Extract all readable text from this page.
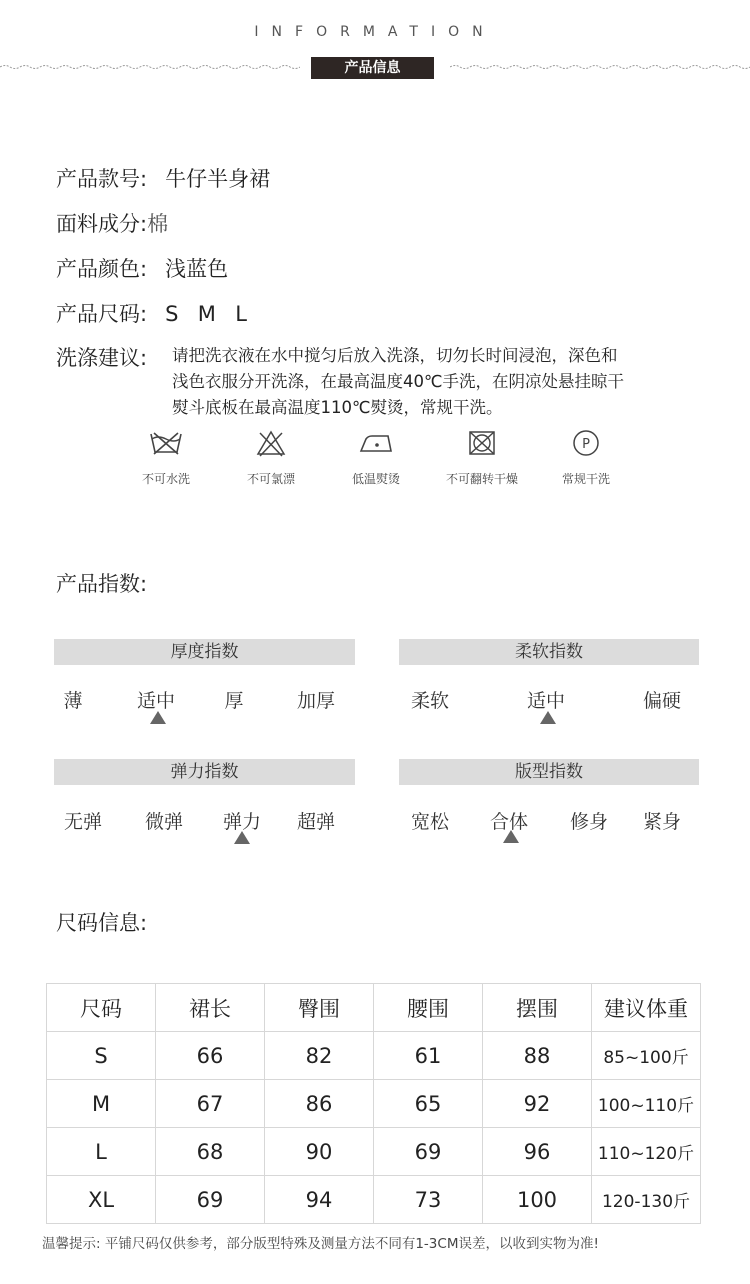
INFORMATION
产品信息
产品款号: 牛仔半身裙
面料成分:棉
产品颜色: 浅蓝色
产品尺码: S  M  L
洗涤建议: 请把洗衣液在水中搅匀后放入洗涤，切勿长时间浸泡，深色和
浅色衣服分开洗涤，在最高温度40℃手洗，在阴凉处悬挂晾干
熨斗底板在最高温度110℃熨烫，常规干洗。
不可水洗	不可氯漂	低温熨烫	不可翻转干燥
P
常规干洗
产品指数:
厚度指数
薄	适中	厚	加厚
柔软指数
柔软	适中	偏硬
弹力指数
无弹	微弹	弹力	超弹
版型指数
宽松	合体	修身	紧身
尺码信息:
尺码	裙长	臀围	腰围	摆围	建议体重
S	66	82	61	88	85~100斤
M	67	86	65	92	100~110斤
L	68	90	69	96	110~120斤
XL	69	94	73	100	120-130斤
温馨提示: 平铺尺码仅供参考，部分版型特殊及测量方法不同有1-3CM误差，以收到实物为准!
